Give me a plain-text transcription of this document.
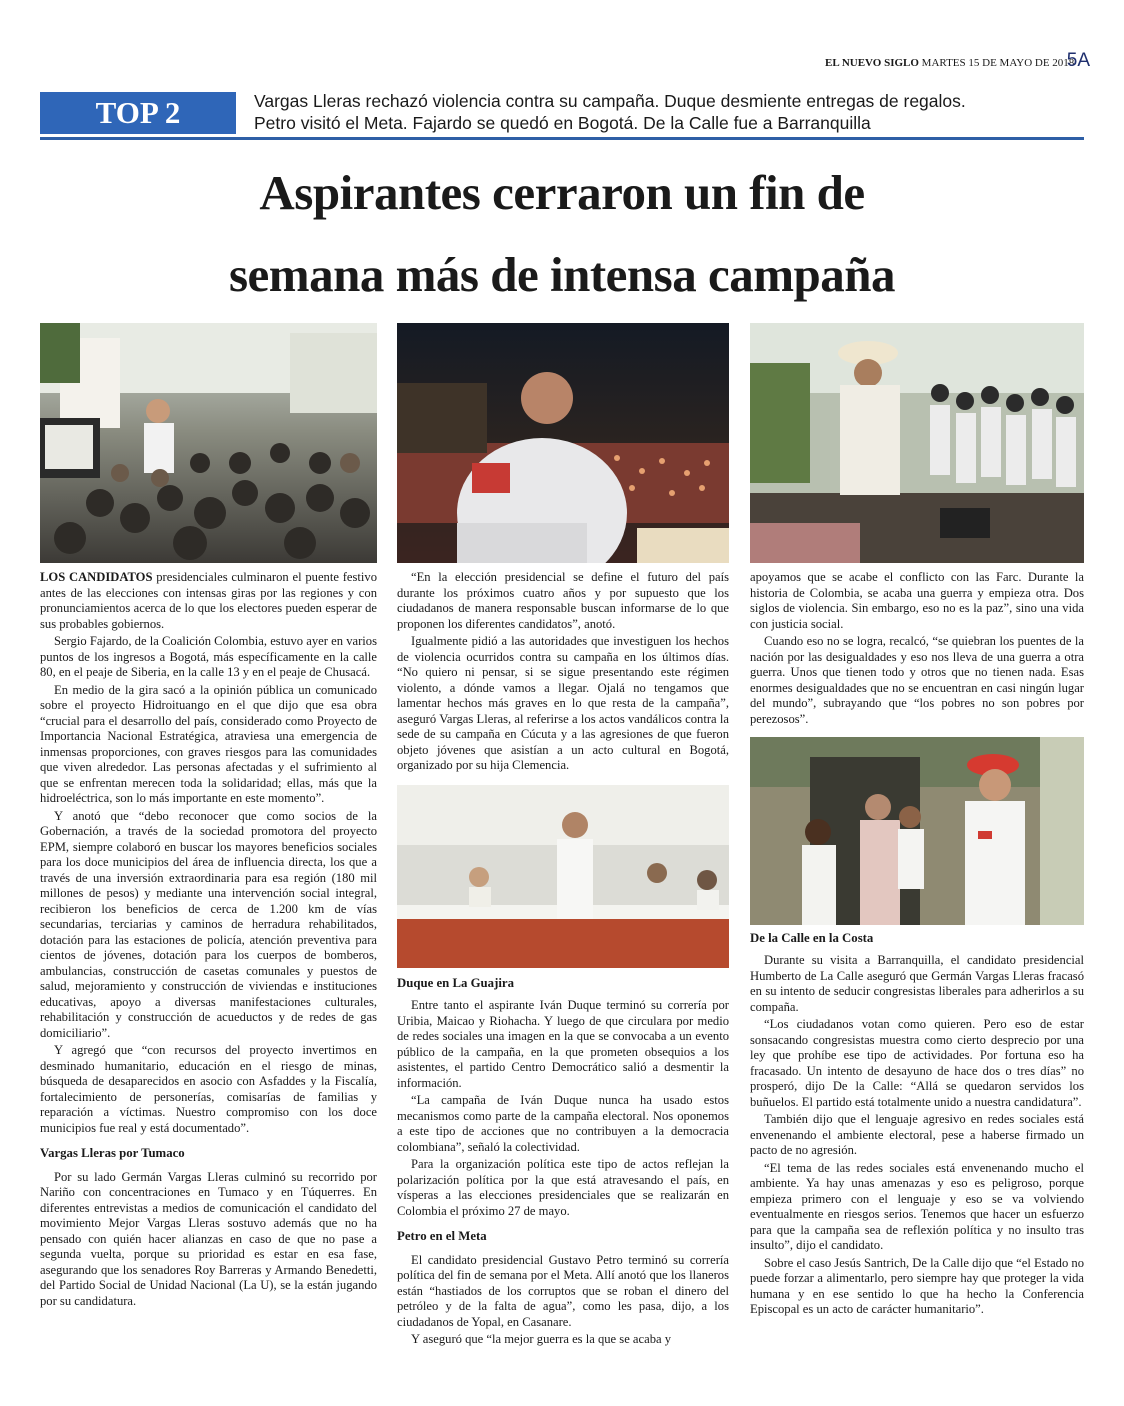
EL NUEVO SIGLO MARTES 15 DE MAYO DE 2018
5A
TOP 2	Vargas Lleras rechazó violencia contra su campaña. Duque desmiente entregas de regalos.
Petro visitó el Meta. Fajardo se quedó en Bogotá. De la Calle fue a Barranquilla
Aspirantes cerraron un fin de
semana más de intensa campaña

LOS CANDIDATOS presidenciales culminaron el puente festivo antes de las elecciones con intensas giras por las regiones y con pronunciamientos acerca de lo que los electores pueden esperar de sus probables gobiernos.

Sergio Fajardo, de la Coalición Colombia, estuvo ayer en varios puntos de los ingresos a Bogotá, más específicamente en la calle 80, en el peaje de Siberia, en la calle 13 y en el peaje de Chusacá.

En medio de la gira sacó a la opinión pública un comunicado sobre el proyecto Hidroituango en el que dijo que esa obra “crucial para el desarrollo del país, considerado como Proyecto de Importancia Nacional Estratégica, atraviesa una emergencia de inmensas proporciones, con graves riesgos para las comunidades que viven alrededor. Las personas afectadas y el sufrimiento al que se enfrentan merecen toda la solidaridad; ellas, más que la hidroeléctrica, son lo más importante en este momento”.

Y anotó que “debo reconocer que como socios de la Gobernación, a través de la sociedad promotora del proyecto EPM, siempre colaboró en buscar los mayores beneficios sociales para los doce municipios del área de influencia directa, los que a través de una inversión extraordinaria para esa región (180 mil millones de pesos) y mediante una intervención social integral, recibieron los beneficios de cerca de 1.200 km de vías secundarias, terciarias y caminos de herradura rehabilitados, dotación para las estaciones de policía, atención preventiva para cientos de jóvenes, dotación para los cuerpos de bomberos, ambulancias, construcción de casetas comunales y puestos de salud, mejoramiento y construcción de viviendas e instituciones educativas, apoyo a diversas manifestaciones culturales, rehabilitación y construcción de acueductos y de redes de gas domiciliario”.

Y agregó que “con recursos del proyecto invertimos en desminado humanitario, educación en el riesgo de minas, búsqueda de desaparecidos en asocio con Asfaddes y la Fiscalía, fortalecimiento de personerías, comisarías de familias y reparación a víctimas. Nuestro compromiso con los doce municipios fue real y está documentado”.

Vargas Lleras por Tumaco

Por su lado Germán Vargas Lleras culminó su recorrido por Nariño con concentraciones en Tumaco y en Túquerres. En diferentes entrevistas a medios de comunicación el candidato del movimiento Mejor Vargas Lleras sostuvo además que no ha pensado con quién hacer alianzas en caso de que no pase a segunda vuelta, porque su prioridad es estar en esa fase, asegurando que los senadores Roy Barreras y Armando Benedetti, del Partido Social de Unidad Nacional (La U), se la están jugando por su candidatura.

“En la elección presidencial se define el futuro del país durante los próximos cuatro años y por supuesto que los ciudadanos de manera responsable buscan informarse de lo que proponen los diferentes candidatos”, anotó.

Igualmente pidió a las autoridades que investiguen los hechos de violencia ocurridos contra su campaña en los últimos días. “No quiero ni pensar, si se sigue presentando este régimen violento, a dónde vamos a llegar. Ojalá no tengamos que lamentar hechos más graves en lo que resta de la campaña”, aseguró Vargas Lleras, al referirse a los actos vandálicos contra la sede de su campaña en Cúcuta y a las agresiones de que fueron objeto jóvenes que asistían a un acto cultural en Bogotá, organizado por su hija Clemencia.

Duque en La Guajira

Entre tanto el aspirante Iván Duque terminó su correría por Uribia, Maicao y Riohacha. Y luego de que circulara por medio de redes sociales una imagen en la que se convocaba a un evento público de la campaña, en la que prometen obsequios a los asistentes, el partido Centro Democrático salió a desmentir la información.

“La campaña de Iván Duque nunca ha usado estos mecanismos como parte de la campaña electoral. Nos oponemos a este tipo de acciones que no contribuyen a la democracia colombiana”, señaló la colectividad.

Para la organización política este tipo de actos reflejan la polarización política por la que está atravesando el país, en vísperas a las elecciones presidenciales que se realizarán en Colombia el próximo 27 de mayo.

Petro en el Meta

El candidato presidencial Gustavo Petro terminó su correría política del fin de semana por el Meta. Allí anotó que los llaneros están “hastiados de los corruptos que se roban el dinero del petróleo y de la falta de agua”, como les pasa, dijo, a los ciudadanos de Yopal, en Casanare.

Y aseguró que “la mejor guerra es la que se acaba y

apoyamos que se acabe el conflicto con las Farc. Durante la historia de Colombia, se acaba una guerra y empieza otra. Dos siglos de violencia. Sin embargo, eso no es la paz”, sino una vida con justicia social.

Cuando eso no se logra, recalcó, “se quiebran los puentes de la nación por las desigualdades y eso nos lleva de una guerra a otra guerra. Unos que tienen todo y otros que no tienen nada. Esas enormes desigualdades que no se encuentran en casi ningún lugar del mundo”, subrayando que “los pobres no son pobres por perezosos”.

De la Calle en la Costa

Durante su visita a Barranquilla, el candidato presidencial Humberto de La Calle aseguró que Germán Vargas Lleras fracasó en su intento de seducir congresistas liberales para adherirlos a su compaña.

“Los ciudadanos votan como quieren. Pero eso de estar sonsacando congresistas muestra como cierto desprecio por una ley que prohíbe ese tipo de actividades. Por fortuna eso ha fracasado. Un intento de desayuno de hace dos o tres días” no prosperó, dijo De la Calle: “Allá se quedaron servidos los buñuelos. El partido está totalmente unido a nuestra candidatura”.

También dijo que el lenguaje agresivo en redes sociales está envenenando el ambiente electoral, pese a haberse firmado un pacto de no agresión.

“El tema de las redes sociales está envenenando mucho el ambiente. Ya hay unas amenazas y eso es peligroso, porque empieza primero con el lenguaje y eso se va volviendo eventualmente en riesgos serios. Tenemos que hacer un esfuerzo para que la campaña sea de reflexión política y no insulto tras insulto”, dijo el candidato.

Sobre el caso Jesús Santrich, De la Calle dijo que “el Estado no puede forzar a alimentarlo, pero siempre hay que proteger la vida humana y en ese sentido lo que ha hecho la Conferencia Episcopal es un acto de carácter humanitario”.
